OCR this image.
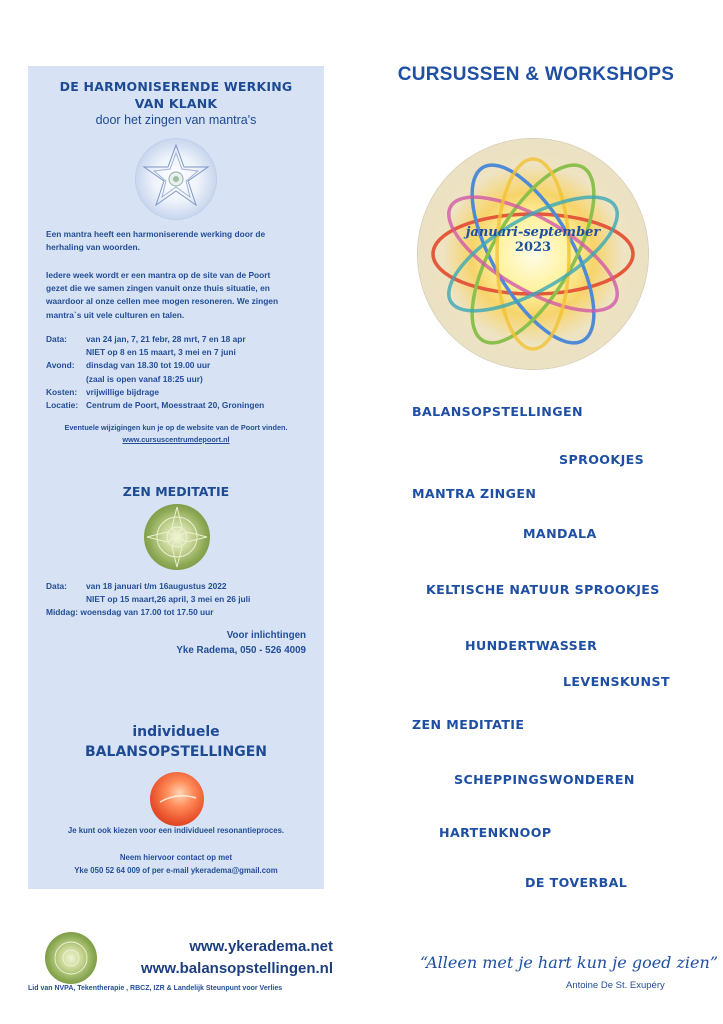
DE HARMONISERENDE WERKING
VAN KLANK
door het zingen van mantra's
Een mantra heeft een harmoniserende werking door de
herhaling van woorden.
Iedere week wordt er een mantra op de site van de Poort
gezet die we samen zingen vanuit onze thuis situatie, en
waardoor al onze cellen mee mogen resoneren. We zingen
mantra`s uit vele culturen en talen.
Data:	van 24 jan, 7, 21 febr, 28 mrt, 7 en 18 apr
NIET op 8 en 15 maart, 3 mei en 7 juni
Avond:	dinsdag van 18.30 tot 19.00 uur
(zaal is open vanaf 18:25 uur)
Kosten:	vrijwillige bijdrage
Locatie: Centrum de Poort, Moesstraat 20, Groningen
Eventuele wijzigingen kun je op de website van de Poort vinden.
www.cursuscentrumdepoort.nl
ZEN MEDITATIE
Data:	van 18 januari t/m 16augustus 2022
NIET op 15 maart,26 april, 3 mei en 26 juli
Middag: woensdag van 17.00 tot 17.50 uur
Voor inlichtingen
Yke Radema, 050 - 526 4009
individuele
BALANSOPSTELLINGEN
Je kunt ook kiezen voor een individueel resonantieproces.
Neem hiervoor contact op met
Yke 050 52 64 009 of per e-mail ykeradema@gmail.com
CURSUSSEN & WORKSHOPS
januari-september
2023
BALANSOPSTELLINGEN
SPROOKJES
MANTRA ZINGEN
MANDALA
KELTISCHE NATUUR SPROOKJES
HUNDERTWASSER
LEVENSKUNST
ZEN MEDITATIE
SCHEPPINGSWONDEREN
HARTENKNOOP
DE TOVERBAL
www.ykeradema.net
www.balansopstellingen.nl
Lid van NVPA, Tekentherapie , RBCZ, IZR & Landelijk Steunpunt voor Verlies
“Alleen met je hart kun je goed zien”
Antoine De St. Exupéry
